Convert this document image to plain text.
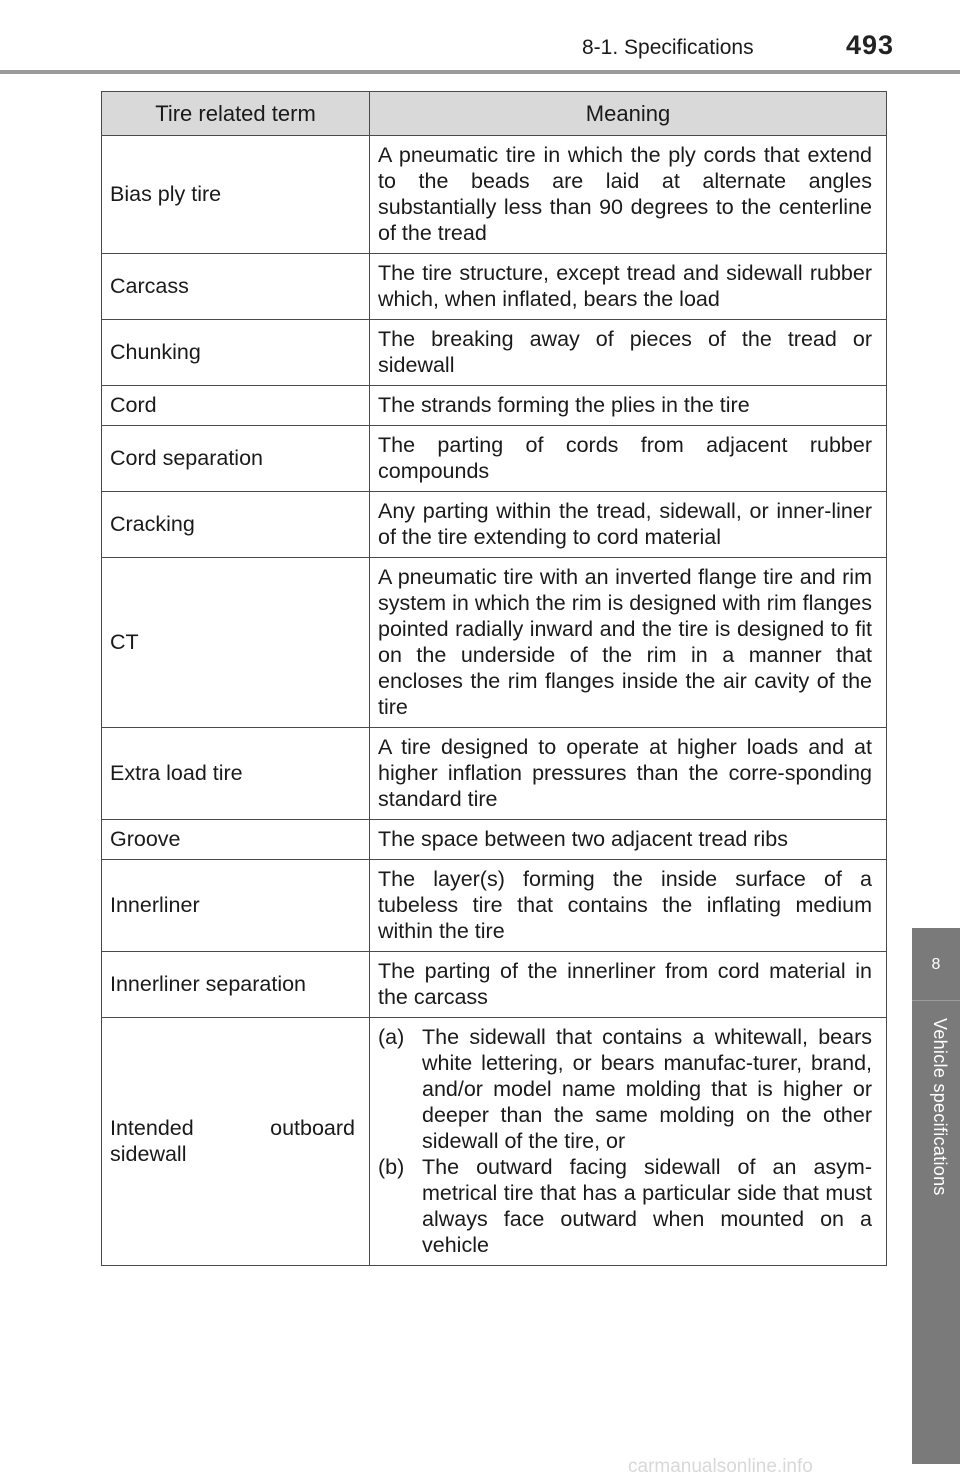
8-1. Specifications	493
8
Vehicle specifications
Tire related term	Meaning
Bias ply tire	A pneumatic tire in which the ply cords that extend to the beads are laid at alternate angles substantially less than 90 degrees to the centerline of the tread
Carcass	The tire structure, except tread and sidewall rubber which, when inflated, bears the load
Chunking	The breaking away of pieces of the tread or sidewall
Cord	The strands forming the plies in the tire
Cord separation	The parting of cords from adjacent rubber compounds
Cracking	Any parting within the tread, sidewall, or inner-liner of the tire extending to cord material
CT	A pneumatic tire with an inverted flange tire and rim system in which the rim is designed with rim flanges pointed radially inward and the tire is designed to fit on the underside of the rim in a manner that encloses the rim flanges inside the air cavity of the tire
Extra load tire	A tire designed to operate at higher loads and at higher inflation pressures than the corre-sponding standard tire
Groove	The space between two adjacent tread ribs
Innerliner	The layer(s) forming the inside surface of a tubeless tire that contains the inflating medium within the tire
Innerliner separation	The parting of the innerliner from cord material in the carcass

Intended outboard sidewall	(a) The sidewall that contains a whitewall, bears white lettering, or bears manufac-turer, brand, and/or model name molding that is higher or deeper than the same molding on the other sidewall of the tire, or
(b) The outward facing sidewall of an asym-metrical tire that has a particular side that must always face outward when mounted on a vehicle
carmanualsonline.info
